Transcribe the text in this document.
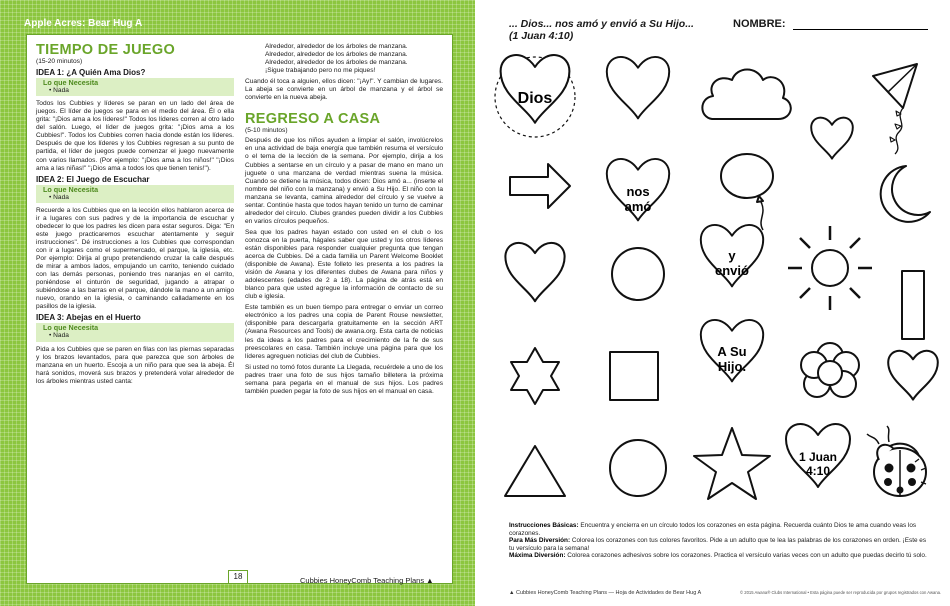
Apple Acres: Bear Hug A
TIEMPO DE JUEGO
(15-20 minutos)
IDEA 1: ¿A Quién Ama Dios?
Lo que Necesita
• Nada

Todos los Cubbies y líderes se paran en un lado del área de juegos. El líder de juegos se para en el medio del área. Él o ella grita: "¡Dios ama a los líderes!" Todos los líderes corren al otro lado del salón. Luego, el líder de juegos grita: "¡Dios ama a los Cubbies!". Todos los Cubbies corren hacia donde están los líderes. Después de que los líderes y los Cubbies regresan a su punto de partida, el líder de juegos puede comenzar el juego nuevamente con varios llamados. (Por ejemplo: "¡Dios ama a los niños!" "¡Dios ama a las niñas!" "¡Dios ama a todos los que tienen tenis!").

IDEA 2: El Juego de Escuchar
Lo que Necesita
• Nada

Recuerde a los Cubbies que en la lección ellos hablaron acerca de ir a lugares con sus padres y de la importancia de escuchar y obedecer lo que los padres les dicen para estar seguros. Diga: "En este juego practicaremos escuchar atentamente y seguir instrucciones". Dé instrucciones a los Cubbies que correspondan con ir a lugares como el supermercado, el parque, la iglesia, etc. Por ejemplo: Dirija al grupo pretendiendo cruzar la calle después de mirar a ambos lados, empujando un carrito, teniendo cuidado con las demás personas, poniendo tres naranjas en el carrito, poniéndose el cinturón de seguridad, jugando a atrapar o subiéndose a las barras en el parque, dándole la mano a un amigo nuevo, orando en la iglesia, o caminando calladamente en los pasillos de la iglesia.

IDEA 3: Abejas en el Huerto
Lo que Necesita
• Nada

Pida a los Cubbies que se paren en filas con las piernas separadas y los brazos levantados, para que parezca que son árboles de manzana en un huerto. Escoja a un niño para que sea la abeja. Él hará sonidos, moverá sus brazos y pretenderá volar alrededor de los árboles mientras usted canta:

Alrededor, alrededor de los árboles de manzana.
Alrededor, alrededor de los árboles de manzana.
Alrededor, alrededor de los árboles de manzana.
¡Sigue trabajando pero no me piques!

Cuando él toca a alguien, ellos dicen: "¡Ay!". Y cambian de lugares. La abeja se convierte en un árbol de manzana y el árbol se convierte en la nueva abeja.

REGRESO A CASA
(5-10 minutos)

Después de que los niños ayuden a limpiar el salón, involúcrelos en una actividad de baja energía que también resuma el versículo o el tema de la lección de la semana. Por ejemplo, dirija a los Cubbies a sentarse en un círculo y a pasar de mano en mano un juguete o una manzana de verdad mientras suena la música. Cuando se detiene la música, todos dicen: Dios amó a... (inserte el nombre del niño con la manzana) y envió a Su Hijo. El niño con la manzana se levanta, camina alrededor del círculo y se vuelve a sentar. Continúe hasta que todos hayan tenido un turno de caminar alrededor del círculo. Clubes grandes pueden dividir a los Cubbies en varios círculos pequeños.

Sea que los padres hayan estado con usted en el club o los conozca en la puerta, hágales saber que usted y los otros líderes están disponibles para responder cualquier pregunta que tengan acerca de Cubbies. Dé a cada familia un Parent Welcome Booklet (disponible de Awana). Este folleto les presenta a los padres la visión de Awana y los diferentes clubes de Awana para niños y adolescentes (edades de 2 a 18). La página de atrás está en blanco para que usted agregue la información de contacto de su club e iglesia.

Este también es un buen tiempo para entregar o enviar un correo electrónico a los padres una copia de Parent Rouse newsletter, (disponible para descargarla gratuitamente en la sección ART (Awana Resources and Tools) de awana.org. Esta carta de noticias les da ideas a los padres para el crecimiento de la fe de sus preescolares en casa. También incluye una página para que los líderes agreguen noticias del club de Cubbies.

Si usted no tomó fotos durante La Llegada, recuérdele a uno de los padres traer una foto de sus hijos tamaño billetera la próxima semana para pegarla en el manual de sus hijos. Los padres también pueden pegar la foto de sus hijos en el manual en casa.

18	Cubbies HoneyComb Teaching Plans ▲
... Dios... nos amó y envió a Su Hijo...
(1 Juan 4:10)
NOMBRE:
Dios
nos
amó
y
envió
A Su
Hijo.
1 Juan
4:10
Instrucciones Básicas: Encuentra y encierra en un círculo todos los corazones en esta página. Recuerda cuánto Dios te ama cuando veas los corazones.
Para Más Diversión: Colorea los corazones con tus colores favoritos. Pide a un adulto que te lea las palabras de los corazones en orden. ¡Este es tu versículo para la semana!
Máxima Diversión: Colorea corazones adhesivos sobre los corazones. Practica el versículo varias veces con un adulto que puedas decirlo tú solo.
▲ Cubbies HoneyComb Teaching Plans — Hoja de Actividades de Bear Hug A	© 2015 Awana® Clubs International • Esta página puede ser reproducida por grupos registrados con Awana.
